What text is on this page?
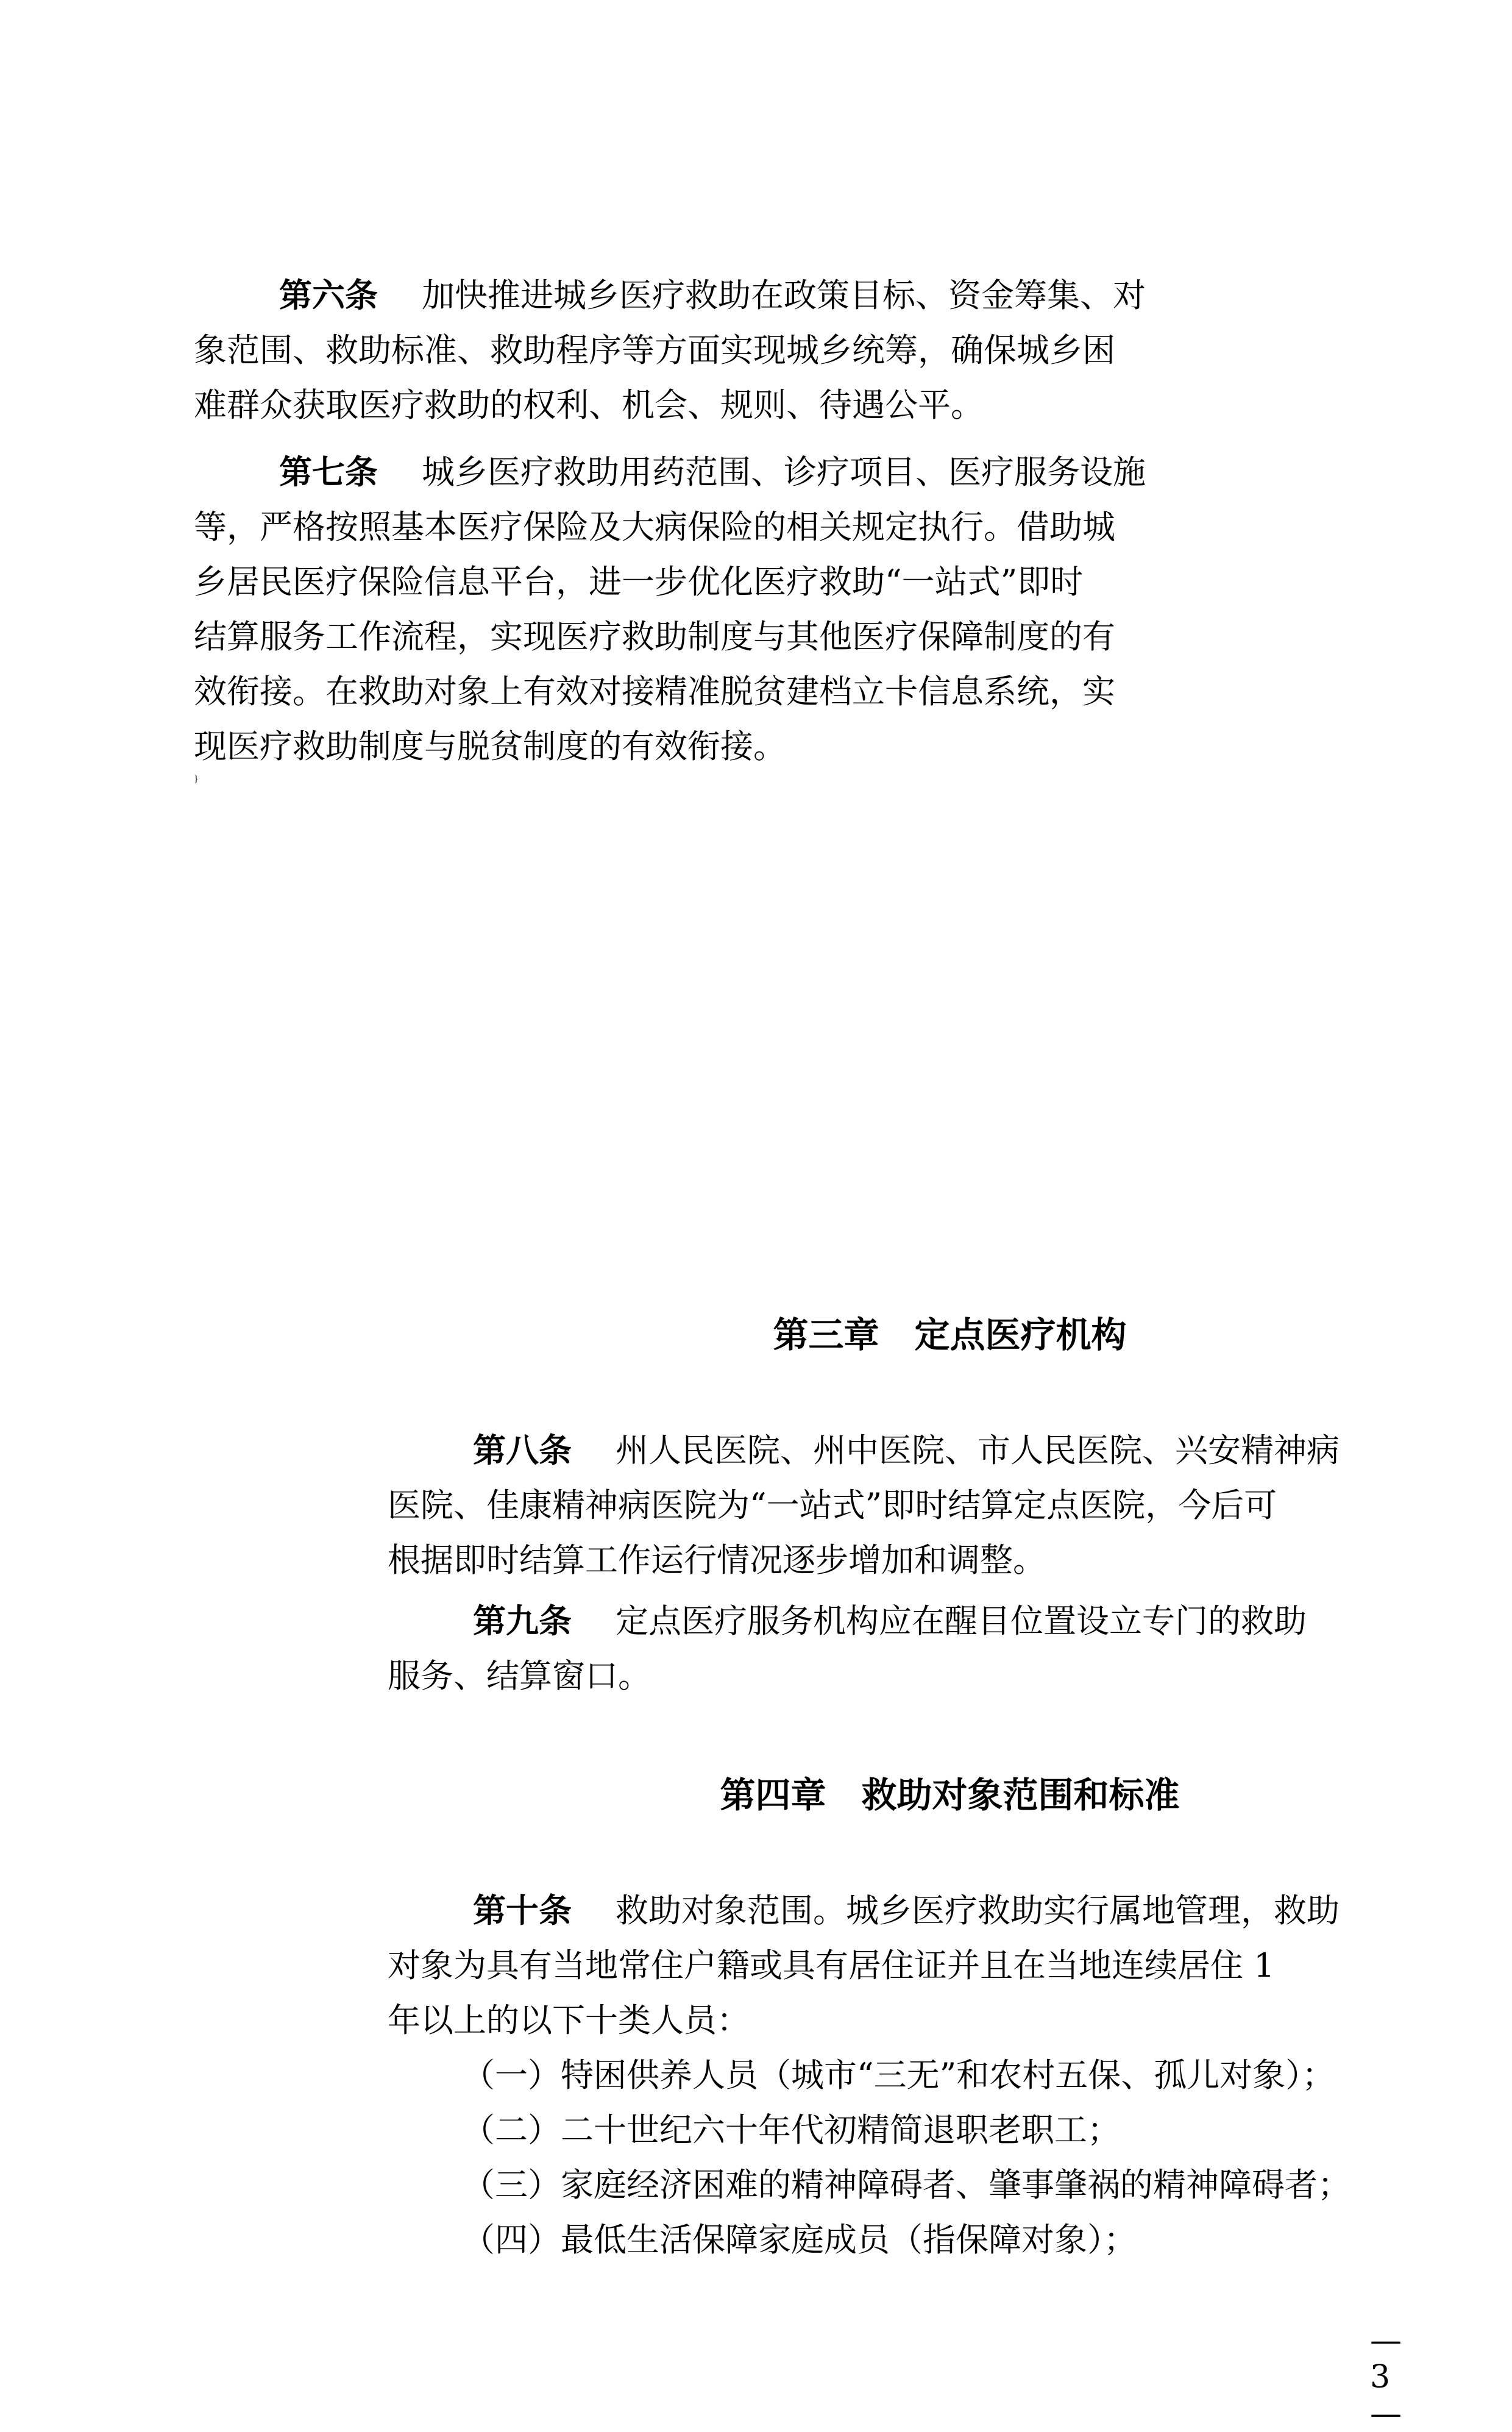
第六条 加快推进城乡医疗救助在政策目标、资金筹集、对

象范围、救助标准、救助程序等方面实现城乡统筹，确保城乡困

难群众获取医疗救助的权利、机会、规则、待遇公平。

第七条 城乡医疗救助用药范围、诊疗项目、医疗服务设施

等，严格按照基本医疗保险及大病保险的相关规定执行。借助城

乡居民医疗保险信息平台，进一步优化医疗救助“一站式”即时

结算服务工作流程，实现医疗救助制度与其他医疗保障制度的有

效衔接。在救助对象上有效对接精准脱贫建档立卡信息系统，实

现医疗救助制度与脱贫制度的有效衔接。

}
第三章　定点医疗机构

第八条 州人民医院、州中医院、市人民医院、兴安精神病

医院、佳康精神病医院为“一站式”即时结算定点医院，今后可

根据即时结算工作运行情况逐步增加和调整。

第九条 定点医疗服务机构应在醒目位置设立专门的救助

服务、结算窗口。

第四章　救助对象范围和标准

第十条 救助对象范围。城乡医疗救助实行属地管理，救助

对象为具有当地常住户籍或具有居住证并且在当地连续居住 1

年以上的以下十类人员：

（一）特困供养人员（城市“三无”和农村五保、孤儿对象）；

（二）二十世纪六十年代初精简退职老职工；

（三）家庭经济困难的精神障碍者、肇事肇祸的精神障碍者；

（四）最低生活保障家庭成员（指保障对象）；

—3—
